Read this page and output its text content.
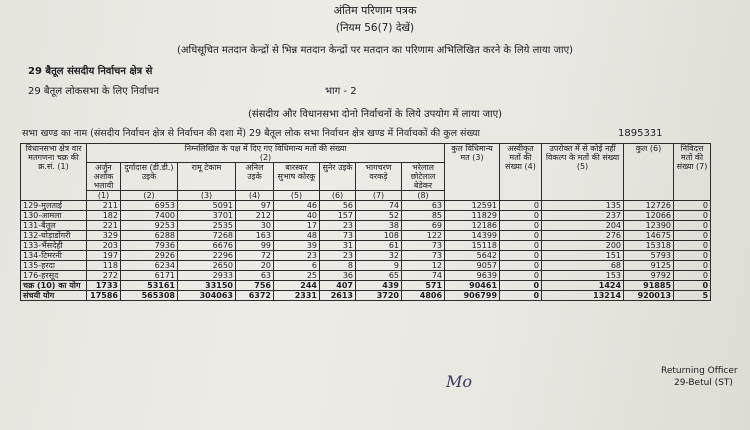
अंतिम परिणाम पत्रक
(नियम 56(7) देखें)
(अधिसूचित मतदान केन्द्रों से भिन्न मतदान केन्द्रों पर मतदान का परिणाम अभिलिखित करने के लिये लाया जाए)
29 बैतूल संसदीय निर्वाचन क्षेत्र से
29 बैतूल लोकसभा के लिए निर्वाचन	भाग - 2
(संसदीय और विधानसभा दोनो निर्वाचनों के लिये उपयोग में लाया जाए)
सभा खण्ड का नाम (संसदीय निर्वाचन क्षेत्र से निर्वाचन की दशा में) 29 बैतूल लोक सभा निर्वाचन क्षेत्र खण्ड में निर्वाचकों की कुल संख्या	1895331
विधानसभा क्षेत्र वार मतगणना चक्र की क्र.सं. (1)	निम्नलिखित के पक्ष में दिए गए विधिमान्य मतों की संख्या
(2)								कुल विधिमान्य मत (3)	अस्वीकृत मतों की संख्या (4)	उपरोक्त में से कोई नहीं विकल्प के मतों की संख्या (5)	कुल (6)	निविदत्त मतों की संख्या (7)
	अर्जुन अशोक भलावी	दुर्गादास (डी.डी.) उइके	रामू टेकाम	अनिल उइके	बारस्कर सुभाष कोरकू	सुनेर उइके	भागचरण वरकड़े	भरेलाल छोटेलाल बेडेकर					
	(1)	(2)	(3)	(4)	(5)	(6)	(7)	(8)					
129-मुलताई	211	6953	5091	97	46	56	74	63	12591	0	135	12726	0
130-आमला	182	7400	3701	212	40	157	52	85	11829	0	237	12066	0
131-बैतूल	221	9253	2535	30	17	23	38	69	12186	0	204	12390	0
132-घोड़ाडोंगरी	329	6288	7268	163	48	73	108	122	14399	0	276	14675	0
133-भैंसदेही	203	7936	6676	99	39	31	61	73	15118	0	200	15318	0
134-टिमरनी	197	2926	2296	72	23	23	32	73	5642	0	151	5793	0
135-हरदा	118	6234	2650	20	6	8	9	12	9057	0	68	9125	0
176-हरसूद	272	6171	2933	63	25	36	65	74	9639	0	153	9792	0
चक्र (10) का योग	1733	53161	33150	756	244	407	439	571	90461	0	1424	91885	0
संचयी योग	17586	565308	304063	6372	2331	2613	3720	4806	906799	0	13214	920013	5
Mo
Returning Officer
29-Betul (ST)
